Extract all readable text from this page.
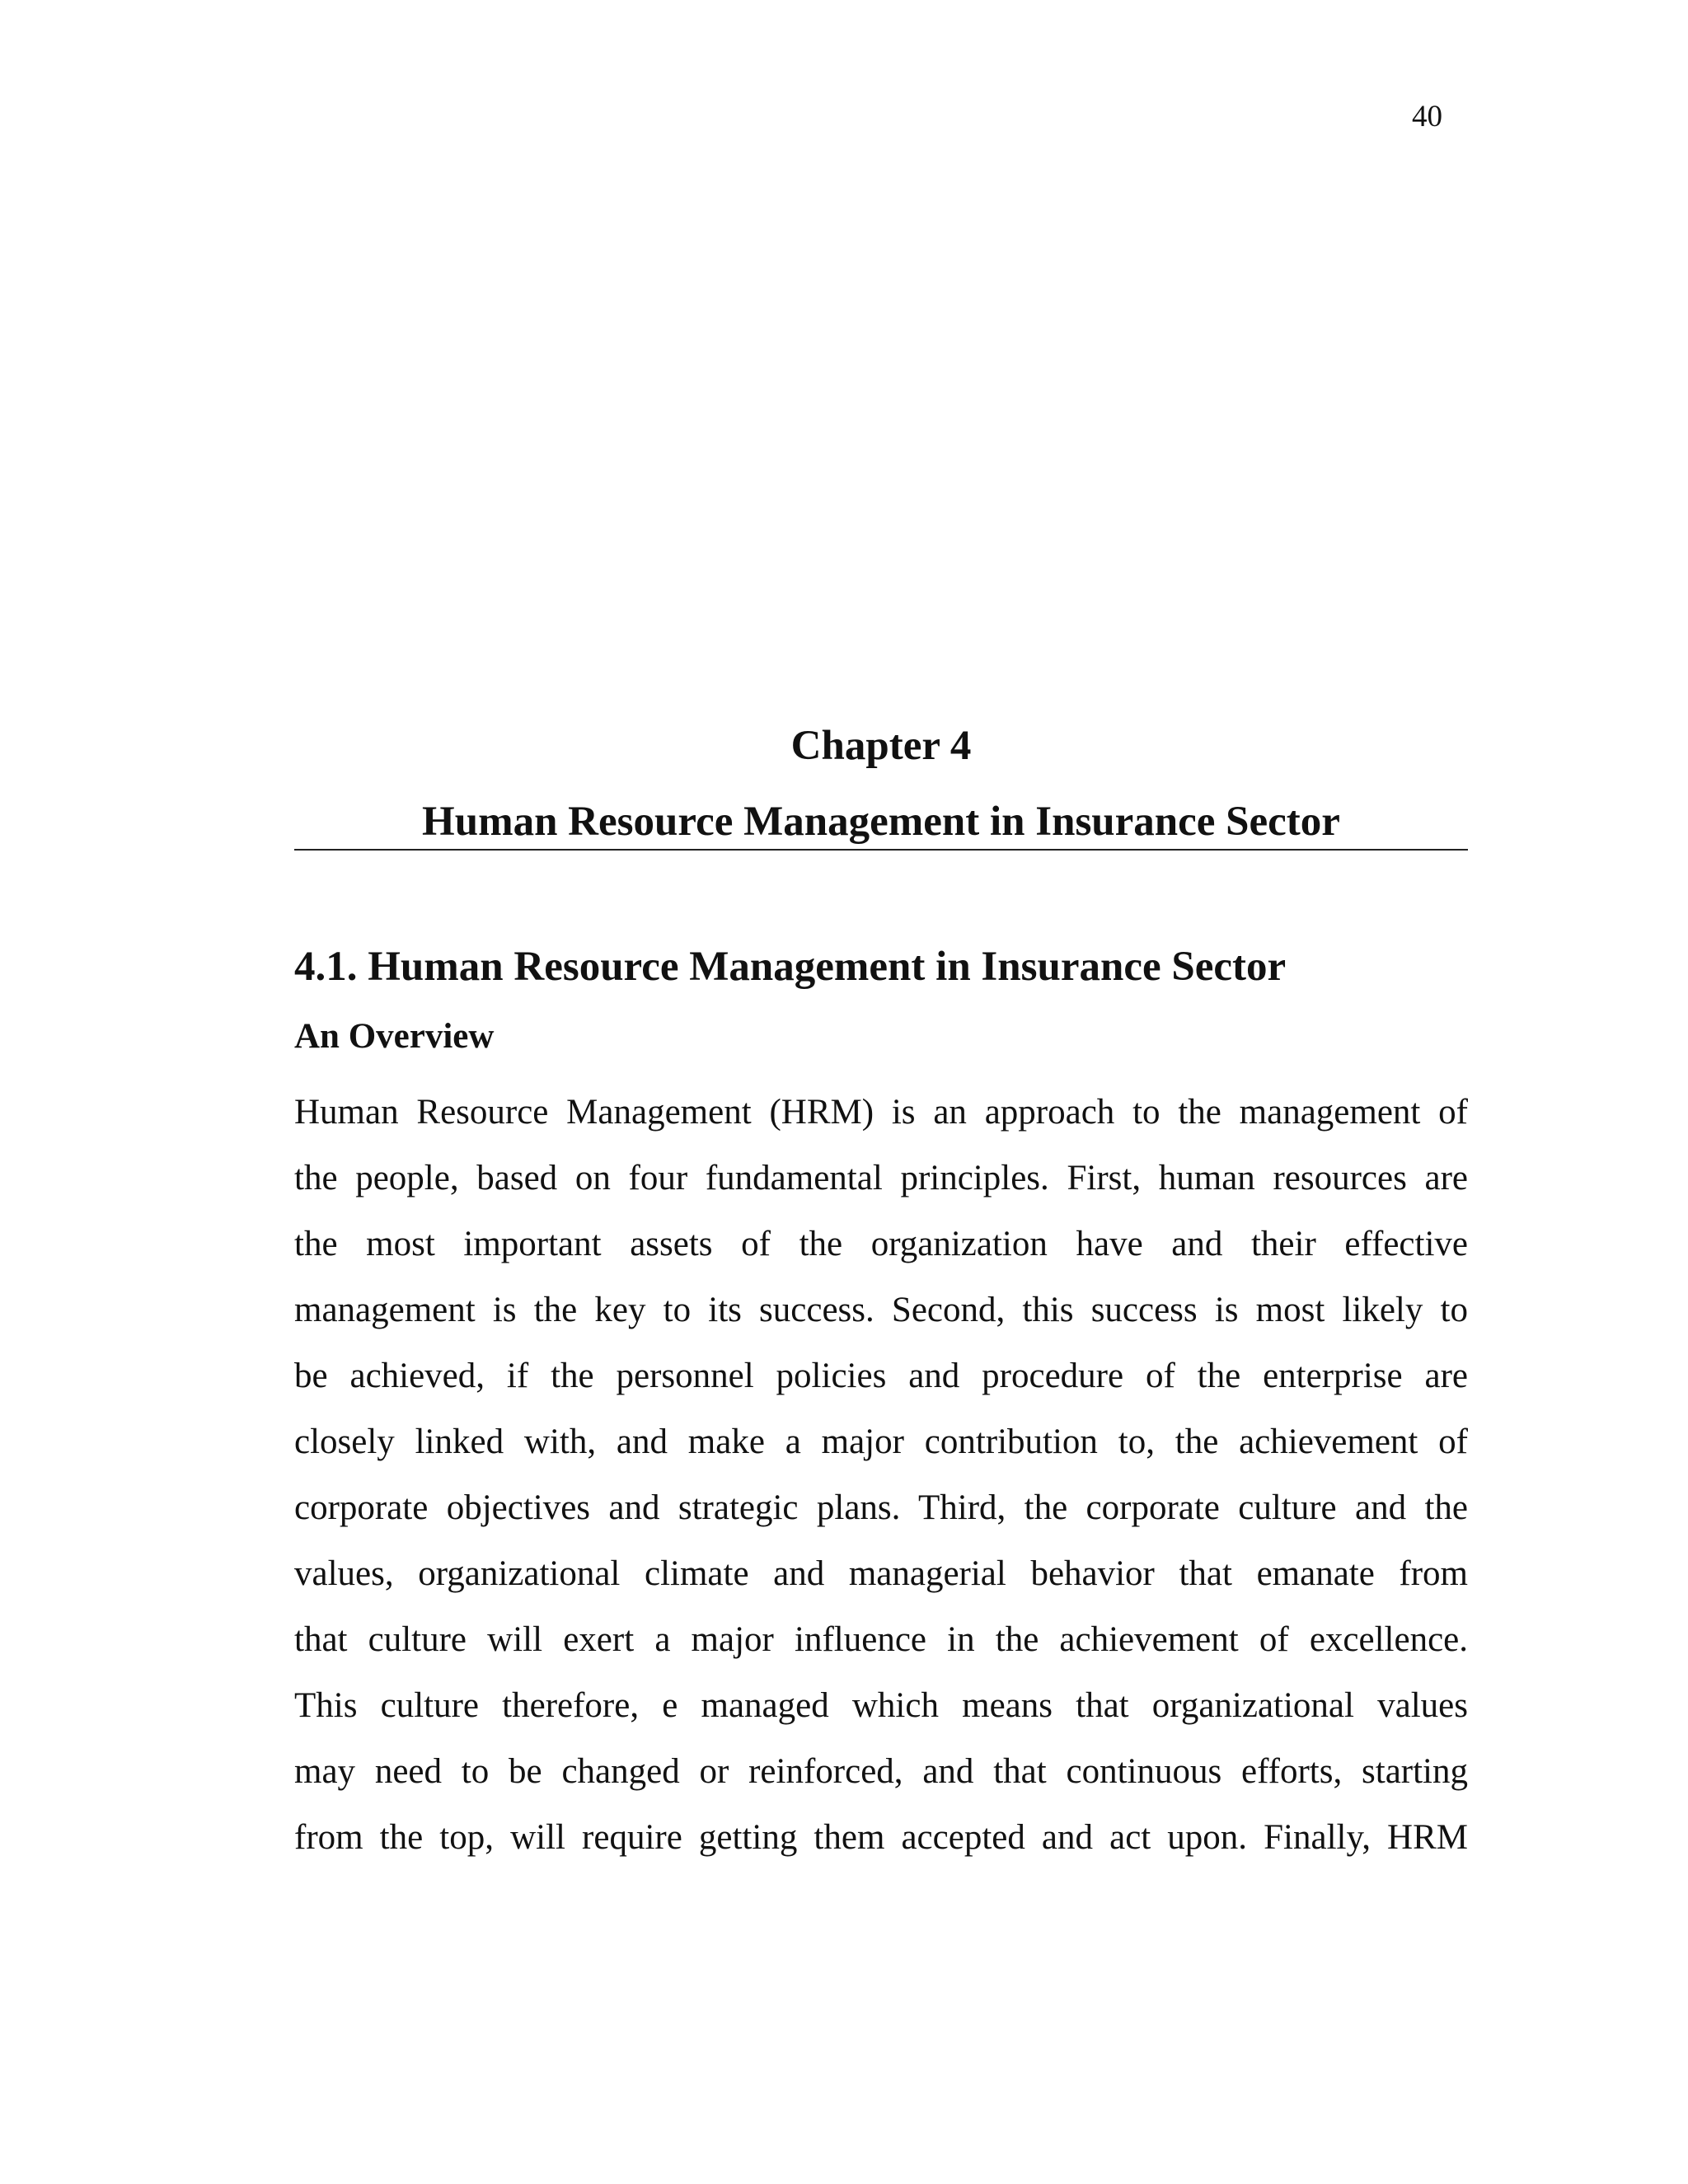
40
Chapter 4
Human Resource Management in Insurance Sector
4.1. Human Resource Management in Insurance Sector
An Overview
Human Resource Management (HRM) is an approach to the management of
the people, based on four fundamental principles. First, human resources are
the most important assets of the organization have and their effective
management is the key to its success. Second, this success is most likely to
be achieved, if the personnel policies and procedure of the enterprise are
closely linked with, and make a major contribution to, the achievement of
corporate objectives and strategic plans. Third, the corporate culture and the
values, organizational climate and managerial behavior that emanate from
that culture will exert a major influence in the achievement of excellence.
This culture therefore, e managed which means that organizational values
may need to be changed or reinforced, and that continuous efforts, starting
from the top, will require getting them accepted and act upon. Finally, HRM
